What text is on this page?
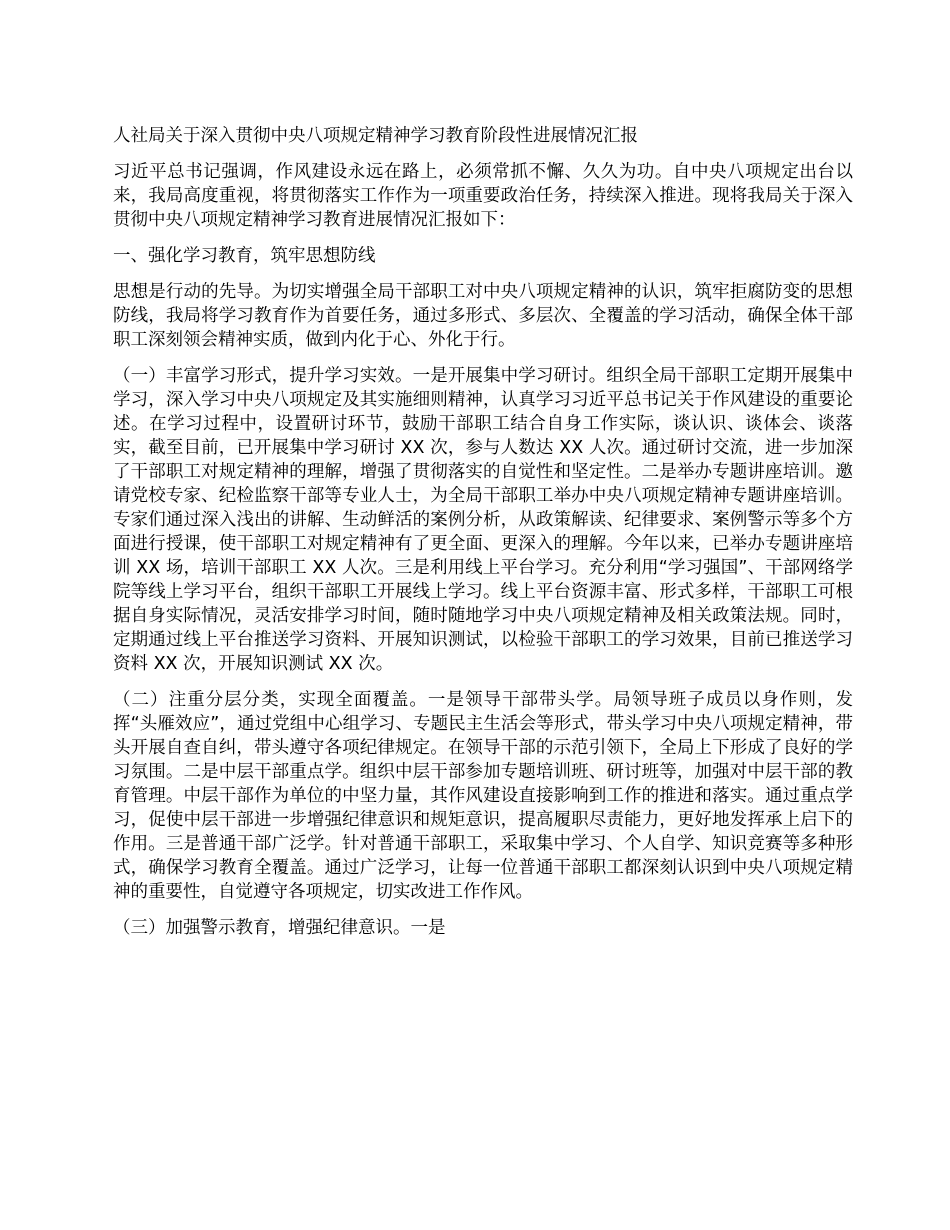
人社局关于深入贯彻中央八项规定精神学习教育阶段性进展情况汇报

习近平总书记强调，作风建设永远在路上，必须常抓不懈、久久为功。自中央八项规定出台以来，我局高度重视，将贯彻落实工作作为一项重要政治任务，持续深入推进。现将我局关于深入贯彻中央八项规定精神学习教育进展情况汇报如下：

一、强化学习教育，筑牢思想防线

思想是行动的先导。为切实增强全局干部职工对中央八项规定精神的认识，筑牢拒腐防变的思想防线，我局将学习教育作为首要任务，通过多形式、多层次、全覆盖的学习活动，确保全体干部职工深刻领会精神实质，做到内化于心、外化于行。

（一）丰富学习形式，提升学习实效。一是开展集中学习研讨。组织全局干部职工定期开展集中学习，深入学习中央八项规定及其实施细则精神，认真学习习近平总书记关于作风建设的重要论述。在学习过程中，设置研讨环节，鼓励干部职工结合自身工作实际，谈认识、谈体会、谈落实，截至目前，已开展集中学习研讨 XX 次，参与人数达 XX 人次。通过研讨交流，进一步加深了干部职工对规定精神的理解，增强了贯彻落实的自觉性和坚定性。二是举办专题讲座培训。邀请党校专家、纪检监察干部等专业人士，为全局干部职工举办中央八项规定精神专题讲座培训。专家们通过深入浅出的讲解、生动鲜活的案例分析，从政策解读、纪律要求、案例警示等多个方面进行授课，使干部职工对规定精神有了更全面、更深入的理解。今年以来，已举办专题讲座培训 XX 场，培训干部职工 XX 人次。三是利用线上平台学习。充分利用“学习强国”、干部网络学院等线上学习平台，组织干部职工开展线上学习。线上平台资源丰富、形式多样，干部职工可根据自身实际情况，灵活安排学习时间，随时随地学习中央八项规定精神及相关政策法规。同时，定期通过线上平台推送学习资料、开展知识测试，以检验干部职工的学习效果，目前已推送学习资料 XX 次，开展知识测试 XX 次。

（二）注重分层分类，实现全面覆盖。一是领导干部带头学。局领导班子成员以身作则，发挥“头雁效应”，通过党组中心组学习、专题民主生活会等形式，带头学习中央八项规定精神，带头开展自查自纠，带头遵守各项纪律规定。在领导干部的示范引领下，全局上下形成了良好的学习氛围。二是中层干部重点学。组织中层干部参加专题培训班、研讨班等，加强对中层干部的教育管理。中层干部作为单位的中坚力量，其作风建设直接影响到工作的推进和落实。通过重点学习，促使中层干部进一步增强纪律意识和规矩意识，提高履职尽责能力，更好地发挥承上启下的作用。三是普通干部广泛学。针对普通干部职工，采取集中学习、个人自学、知识竞赛等多种形式，确保学习教育全覆盖。通过广泛学习，让每一位普通干部职工都深刻认识到中央八项规定精神的重要性，自觉遵守各项规定，切实改进工作作风。

（三）加强警示教育，增强纪律意识。一是
